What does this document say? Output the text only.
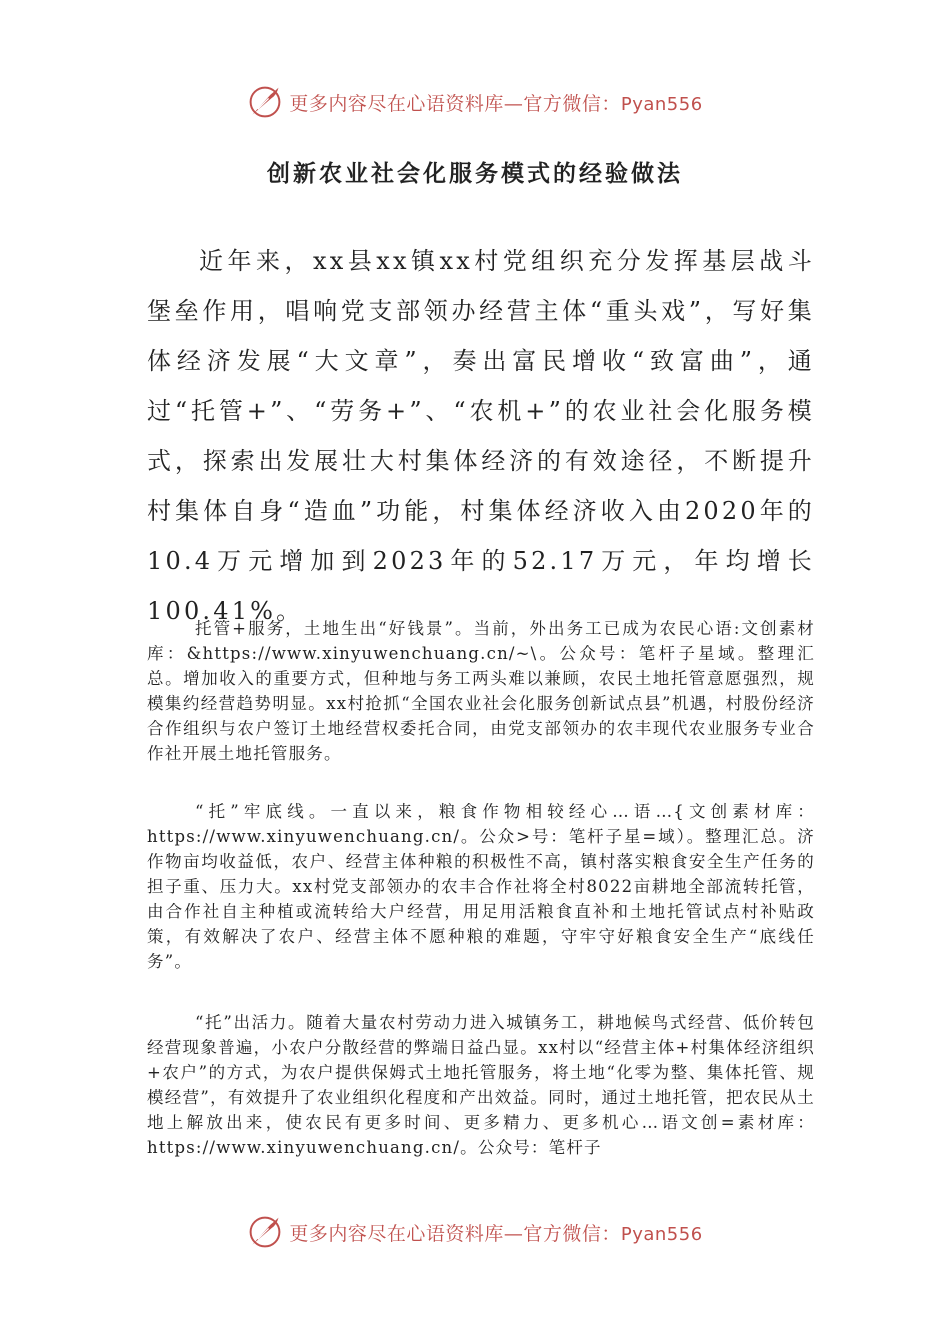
更多内容尽在心语资料库—官方微信：Pyan556
创新农业社会化服务模式的经验做法

近年来，xx县xx镇xx村党组织充分发挥基层战斗堡垒作用，唱响党支部领办经营主体“重头戏”，写好集体经济发展“大文章”，奏出富民增收“致富曲”，通过“托管+”、“劳务+”、“农机+”的农业社会化服务模式，探索出发展壮大村集体经济的有效途径，不断提升村集体自身“造血”功能，村集体经济收入由2020年的10.4万元增加到2023年的52.17万元，年均增长100.41%。

托管+服务，土地生出“好钱景”。当前，外出务工已成为农民心语:文创素材库：&https://www.xinyuwenchuang.cn/~\。公众号：笔杆子星域。整理汇总。增加收入的重要方式，但种地与务工两头难以兼顾，农民土地托管意愿强烈，规模集约经营趋势明显。xx村抢抓“全国农业社会化服务创新试点县”机遇，村股份经济合作组织与农户签订土地经营权委托合同，由党支部领办的农丰现代农业服务专业合作社开展土地托管服务。

“托”牢底线。一直以来，粮食作物相较经心…语…{文创素材库：https://www.xinyuwenchuang.cn/。公众>号：笔杆子星=域）。整理汇总。济作物亩均收益低，农户、经营主体种粮的积极性不高，镇村落实粮食安全生产任务的担子重、压力大。xx村党支部领办的农丰合作社将全村8022亩耕地全部流转托管，由合作社自主种植或流转给大户经营，用足用活粮食直补和土地托管试点村补贴政策，有效解决了农户、经营主体不愿种粮的难题，守牢守好粮食安全生产“底线任务”。

“托”出活力。随着大量农村劳动力进入城镇务工，耕地候鸟式经营、低价转包经营现象普遍，小农户分散经营的弊端日益凸显。xx村以“经营主体+村集体经济组织+农户”的方式，为农户提供保姆式土地托管服务，将土地“化零为整、集体托管、规模经营”，有效提升了农业组织化程度和产出效益。同时，通过土地托管，把农民从土地上解放出来，使农民有更多时间、更多精力、更多机心…语文创=素材库：https://www.xinyuwenchuang.cn/。公众号：笔杆子

更多内容尽在心语资料库—官方微信：Pyan556
